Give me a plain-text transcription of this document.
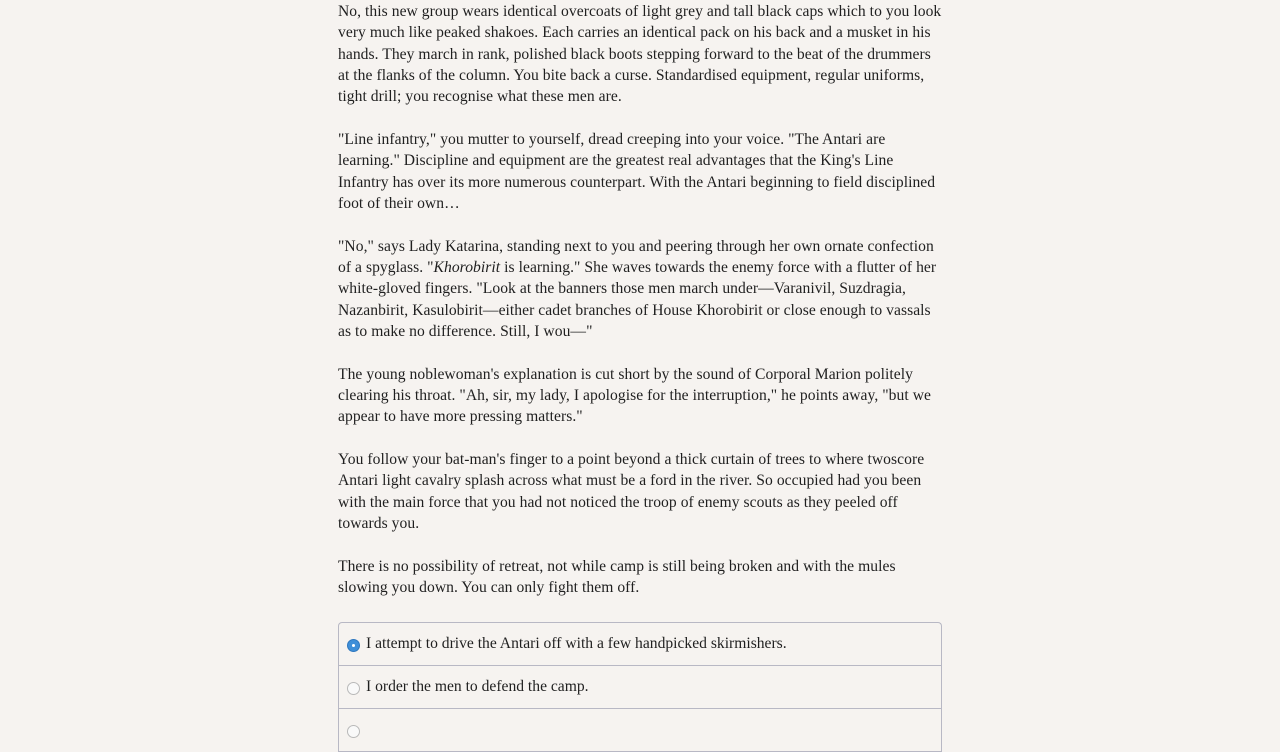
No, this new group wears identical overcoats of light grey and tall black caps which to you look very much like peaked shakoes. Each carries an identical pack on his back and a musket in his hands. They march in rank, polished black boots stepping forward to the beat of the drummers at the flanks of the column. You bite back a curse. Standardised equipment, regular uniforms, tight drill; you recognise what these men are.

"Line infantry," you mutter to yourself, dread creeping into your voice. "The Antari are learning." Discipline and equipment are the greatest real advantages that the King's Line Infantry has over its more numerous counterpart. With the Antari beginning to field disciplined foot of their own…

"No," says Lady Katarina, standing next to you and peering through her own ornate confection of a spyglass. "Khorobirit is learning." She waves towards the enemy force with a flutter of her white-gloved fingers. "Look at the banners those men march under—Varanivil, Suzdragia, Nazanbirit, Kasulobirit—either cadet branches of House Khorobirit or close enough to vassals as to make no difference. Still, I wou—"

The young noblewoman's explanation is cut short by the sound of Corporal Marion politely clearing his throat. "Ah, sir, my lady, I apologise for the interruption," he points away, "but we appear to have more pressing matters."

You follow your bat-man's finger to a point beyond a thick curtain of trees to where twoscore Antari light cavalry splash across what must be a ford in the river. So occupied had you been with the main force that you had not noticed the troop of enemy scouts as they peeled off towards you.

There is no possibility of retreat, not while camp is still being broken and with the mules slowing you down. You can only fight them off.

I attempt to drive the Antari off with a few handpicked skirmishers.
I order the men to defend the camp.
